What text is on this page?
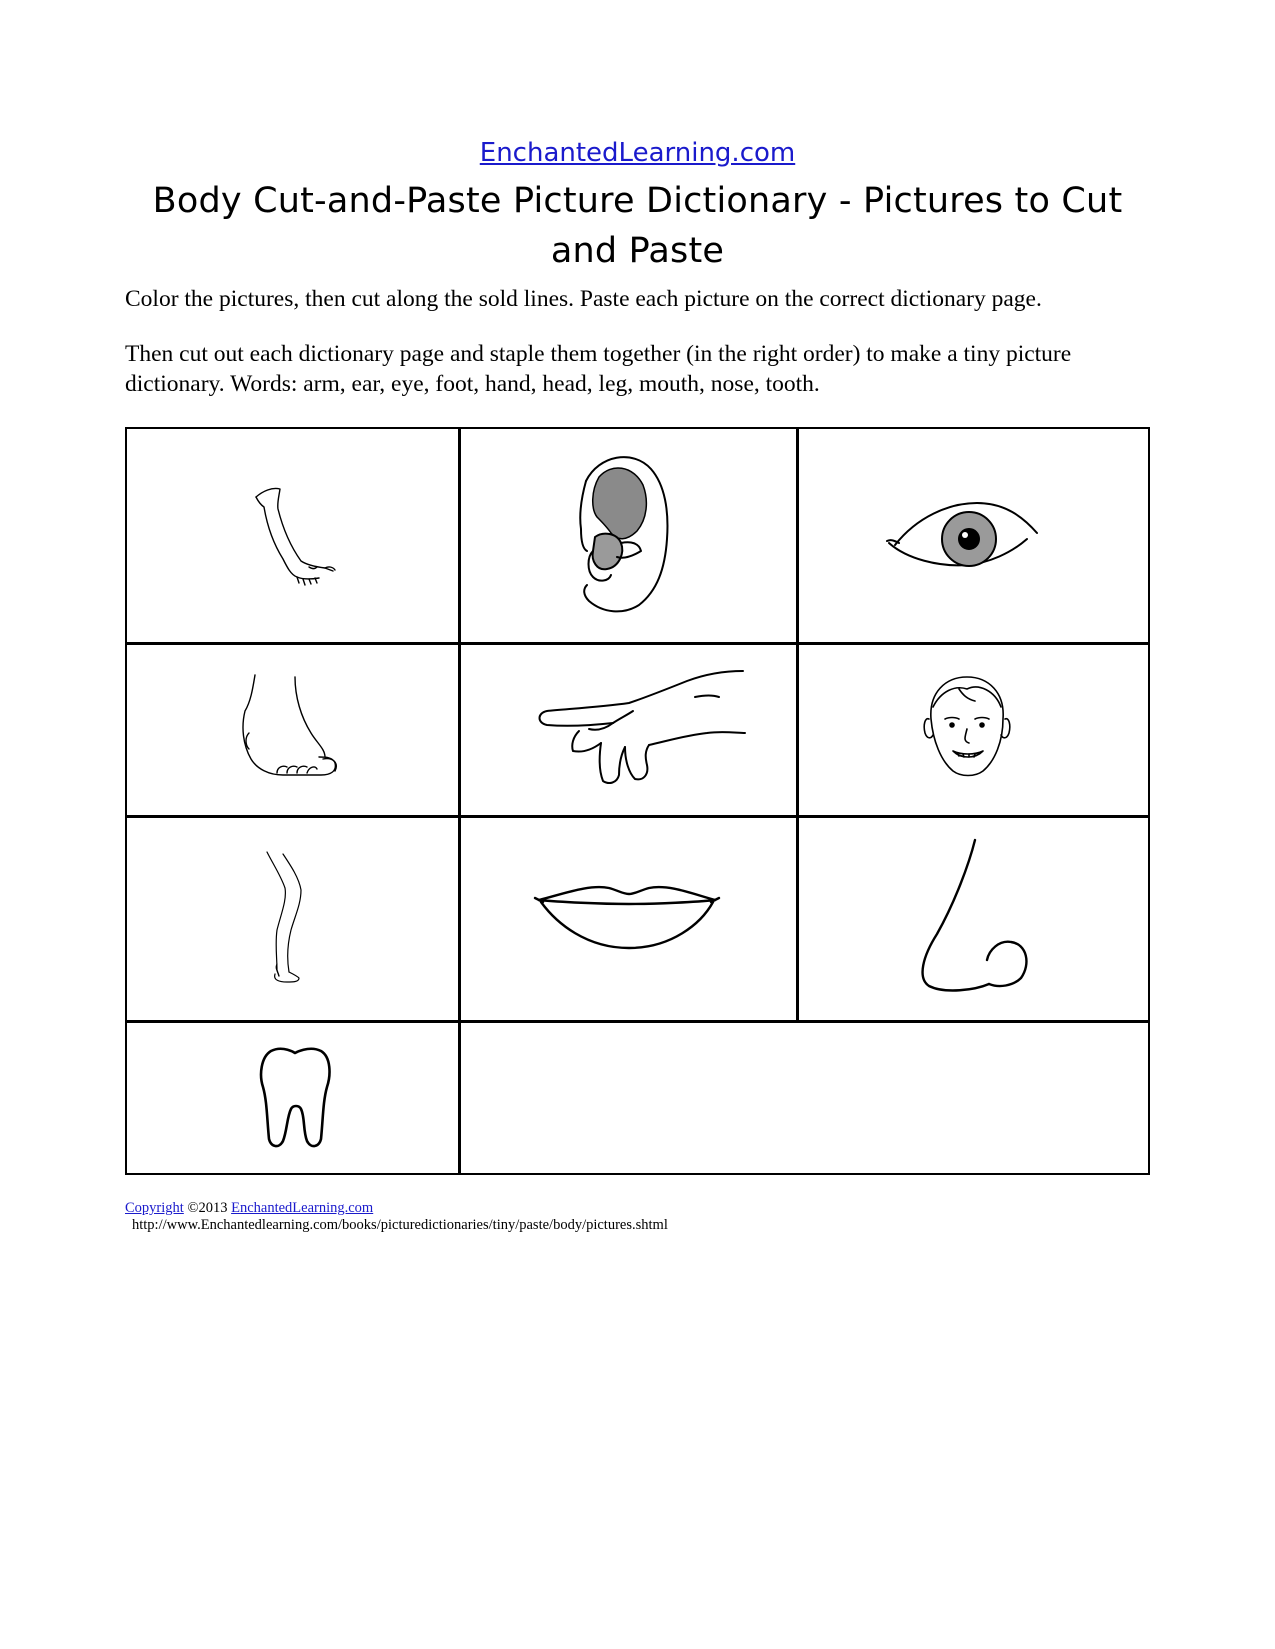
EnchantedLearning.com
Body Cut-and-Paste Picture Dictionary - Pictures to Cut and Paste

Color the pictures, then cut along the sold lines. Paste each picture on the correct dictionary page.

Then cut out each dictionary page and staple them together (in the right order) to make a tiny picture dictionary. Words: arm, ear, eye, foot, hand, head, leg, mouth, nose, tooth.

Copyright ©2013 EnchantedLearning.com
http://www.Enchantedlearning.com/books/picturedictionaries/tiny/paste/body/pictures.shtml
